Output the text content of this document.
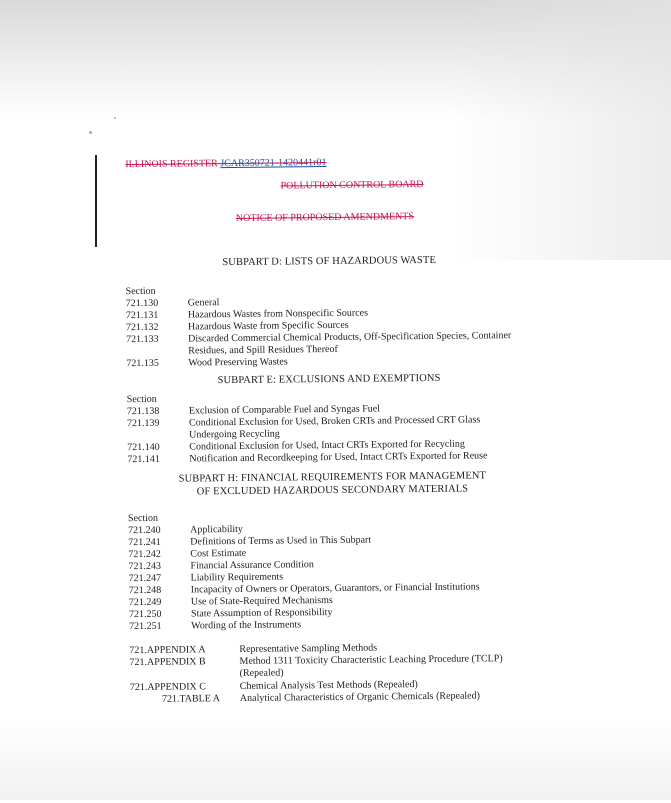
ILLINOIS REGISTER JCAR350721-1420441r01
POLLUTION CONTROL BOARD
NOTICE OF PROPOSED AMENDMENTS
SUBPART D: LISTS OF HAZARDOUS WASTE
Section
721.130	General
721.131	Hazardous Wastes from Nonspecific Sources
721.132	Hazardous Waste from Specific Sources
721.133	Discarded Commercial Chemical Products, Off-Specification Species, Container
Residues, and Spill Residues Thereof
721.135	Wood Preserving Wastes
SUBPART E: EXCLUSIONS AND EXEMPTIONS
Section
721.138	Exclusion of Comparable Fuel and Syngas Fuel
721.139	Conditional Exclusion for Used, Broken CRTs and Processed CRT Glass
Undergoing Recycling
721.140	Conditional Exclusion for Used, Intact CRTs Exported for Recycling
721.141	Notification and Recordkeeping for Used, Intact CRTs Exported for Reuse
SUBPART H: FINANCIAL REQUIREMENTS FOR MANAGEMENT
OF EXCLUDED HAZARDOUS SECONDARY MATERIALS
Section
721.240	Applicability
721.241	Definitions of Terms as Used in This Subpart
721.242	Cost Estimate
721.243	Financial Assurance Condition
721.247	Liability Requirements
721.248	Incapacity of Owners or Operators, Guarantors, or Financial Institutions
721.249	Use of State-Required Mechanisms
721.250	State Assumption of Responsibility
721.251	Wording of the Instruments
721.APPENDIX A	Representative Sampling Methods
721.APPENDIX B	Method 1311 Toxicity Characteristic Leaching Procedure (TCLP)
(Repealed)
721.APPENDIX C	Chemical Analysis Test Methods (Repealed)
721.TABLE A Analytical Characteristics of Organic Chemicals (Repealed)
